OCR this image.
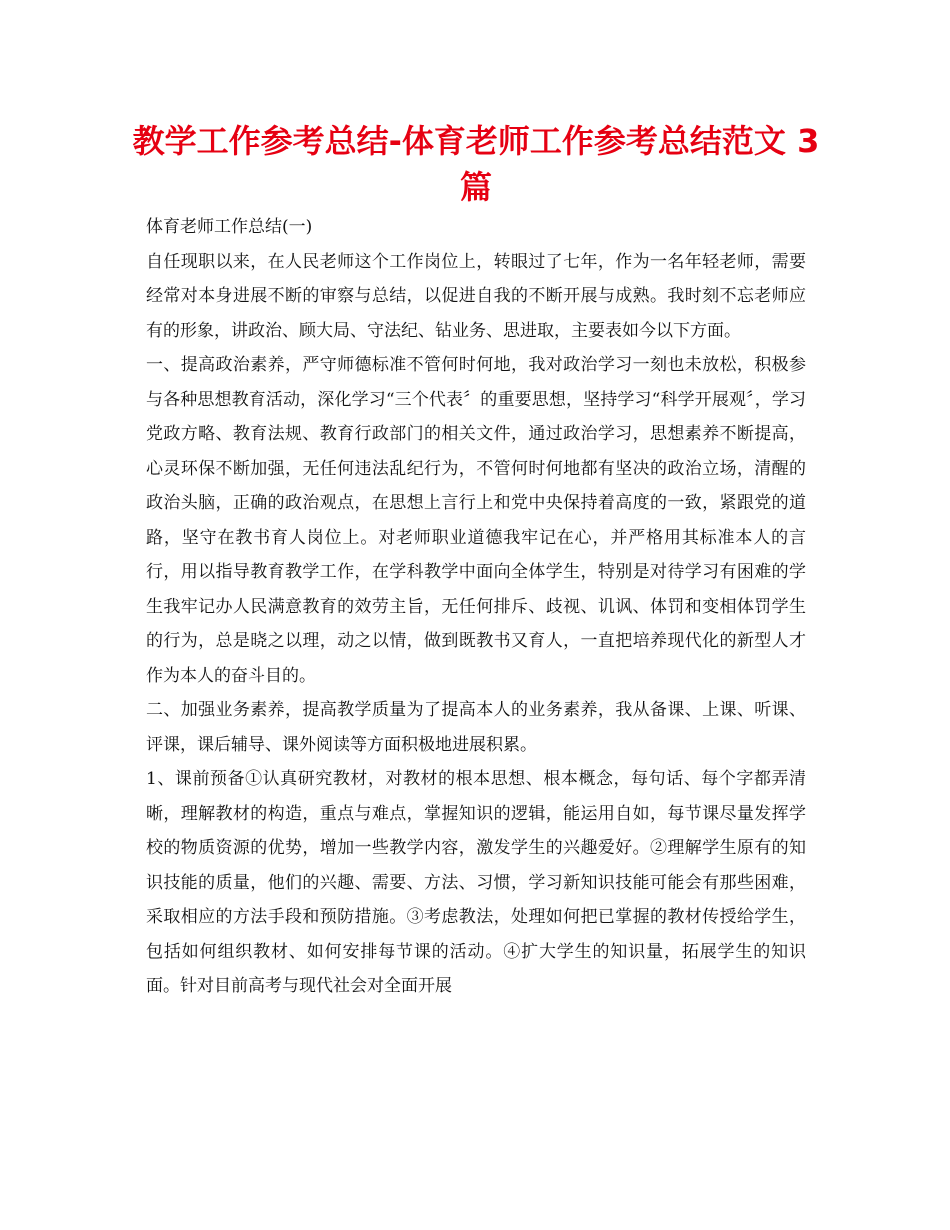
教学工作参考总结-体育老师工作参考总结范文 3 篇

体育老师工作总结(一)

自任现职以来，在人民老师这个工作岗位上，转眼过了七年，作为一名年轻老师，需要经常对本身进展不断的审察与总结，以促进自我的不断开展与成熟。我时刻不忘老师应有的形象，讲政治、顾大局、守法纪、钻业务、思进取，主要表如今以下方面。

一、提高政治素养，严守师德标准不管何时何地，我对政治学习一刻也未放松，积极参与各种思想教育活动，深化学习“三个代表〞的重要思想，坚持学习“科学开展观〞，学习党政方略、教育法规、教育行政部门的相关文件，通过政治学习，思想素养不断提高，心灵环保不断加强，无任何违法乱纪行为，不管何时何地都有坚决的政治立场，清醒的政治头脑，正确的政治观点，在思想上言行上和党中央保持着高度的一致，紧跟党的道路，坚守在教书育人岗位上。对老师职业道德我牢记在心，并严格用其标准本人的言行，用以指导教育教学工作，在学科教学中面向全体学生，特别是对待学习有困难的学生我牢记办人民满意教育的效劳主旨，无任何排斥、歧视、讥讽、体罚和变相体罚学生的行为，总是晓之以理，动之以情，做到既教书又育人，一直把培养现代化的新型人才作为本人的奋斗目的。

二、加强业务素养，提高教学质量为了提高本人的业务素养，我从备课、上课、听课、评课，课后辅导、课外阅读等方面积极地进展积累。

1、课前预备①认真研究教材，对教材的根本思想、根本概念，每句话、每个字都弄清晰，理解教材的构造，重点与难点，掌握知识的逻辑，能运用自如，每节课尽量发挥学校的物质资源的优势，增加一些教学内容，激发学生的兴趣爱好。②理解学生原有的知识技能的质量，他们的兴趣、需要、方法、习惯，学习新知识技能可能会有那些困难，采取相应的方法手段和预防措施。③考虑教法，处理如何把已掌握的教材传授给学生，包括如何组织教材、如何安排每节课的活动。④扩大学生的知识量，拓展学生的知识面。针对目前高考与现代社会对全面开展
